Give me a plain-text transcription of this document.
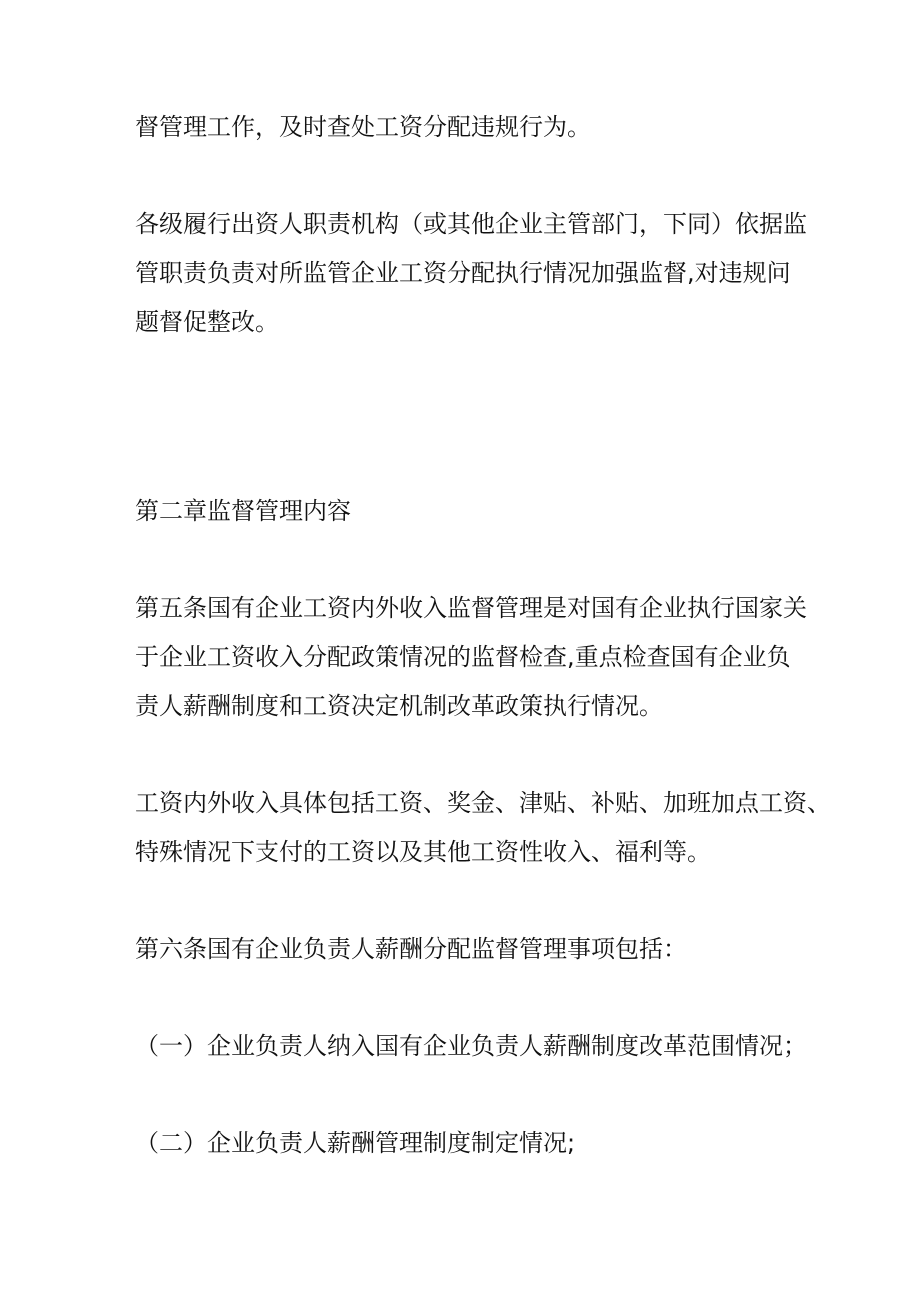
督管理工作，及时查处工资分配违规行为。
各级履行出资人职责机构（或其他企业主管部门，下同）依据监
管职责负责对所监管企业工资分配执行情况加强监督,对违规问
题督促整改。
第二章监督管理内容
第五条国有企业工资内外收入监督管理是对国有企业执行国家关
于企业工资收入分配政策情况的监督检查,重点检查国有企业负
责人薪酬制度和工资决定机制改革政策执行情况。
工资内外收入具体包括工资、奖金、津贴、补贴、加班加点工资、
特殊情况下支付的工资以及其他工资性收入、福利等。
第六条国有企业负责人薪酬分配监督管理事项包括：
（一）企业负责人纳入国有企业负责人薪酬制度改革范围情况；
（二）企业负责人薪酬管理制度制定情况;
